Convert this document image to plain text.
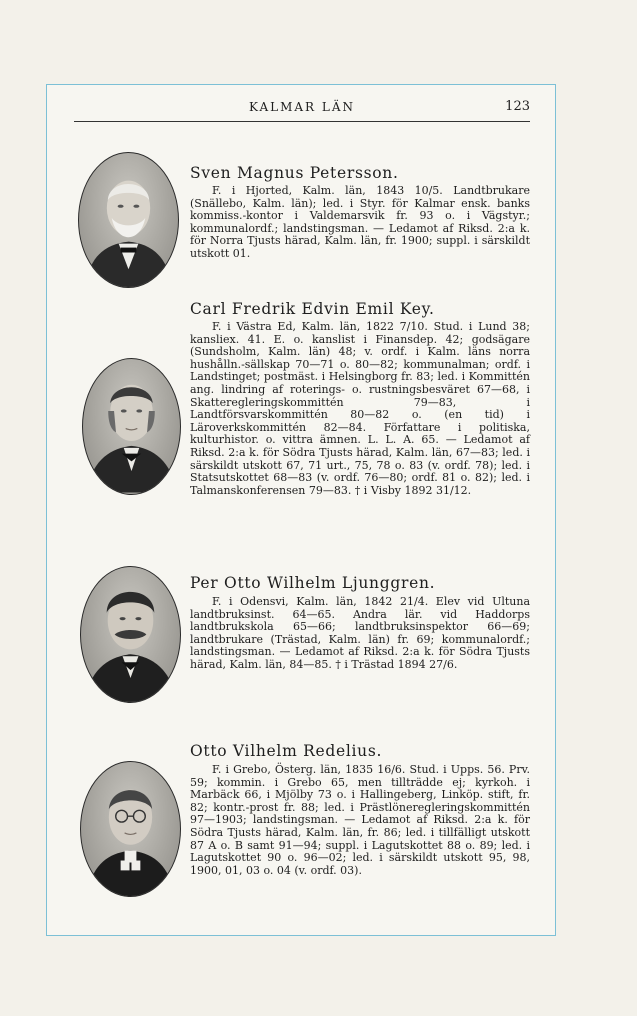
KALMAR LÄN	123
Sven Magnus Petersson.
F. i Hjorted, Kalm. län, 1843 10/5. Landtbrukare (Snällebo, Kalm. län); led. i Styr. för Kalmar ensk. banks kommiss.-kontor i Valdemarsvik fr. 93 o. i Vägstyr.; kommunalordf.; landstingsman. — Ledamot af Riksd. 2:a k. för Norra Tjusts härad, Kalm. län, fr. 1900; suppl. i särskildt utskott 01.
Carl Fredrik Edvin Emil Key.
F. i Västra Ed, Kalm. län, 1822 7/10. Stud. i Lund 38; kansliex. 41. E. o. kanslist i Finansdep. 42; godsägare (Sundsholm, Kalm. län) 48; v. ordf. i Kalm. läns norra hushålln.-sällskap 70—71 o. 80—82; kommunalman; ordf. i Landstinget; postmäst. i Helsingborg fr. 83; led. i Kommittén ang. lindring af roterings- o. rustningsbesväret 67—68, i Skatteregleringskommittén 79—83, i Landtförsvarskommittén 80—82 o. (en tid) i Läroverkskommittén 82—84. Författare i politiska, kulturhistor. o. vittra ämnen. L. L. A. 65. — Ledamot af Riksd. 2:a k. för Södra Tjusts härad, Kalm. län, 67—83; led. i särskildt utskott 67, 71 urt., 75, 78 o. 83 (v. ordf. 78); led. i Statsutskottet 68—83 (v. ordf. 76—80; ordf. 81 o. 82); led. i Talmanskonferensen 79—83. † i Visby 1892 31/12.
Per Otto Wilhelm Ljunggren.
F. i Odensvi, Kalm. län, 1842 21/4. Elev vid Ultuna landtbruksinst. 64—65. Andra lär. vid Haddorps landtbrukskola 65—66; landtbruksinspektor 66—69; landtbrukare (Trästad, Kalm. län) fr. 69; kommunalordf.; landstingsman. — Ledamot af Riksd. 2:a k. för Södra Tjusts härad, Kalm. län, 84—85. † i Trästad 1894 27/6.
Otto Vilhelm Redelius.
F. i Grebo, Österg. län, 1835 16/6. Stud. i Upps. 56. Prv. 59; kommin. i Grebo 65, men tillträdde ej; kyrkoh. i Marbäck 66, i Mjölby 73 o. i Hallingeberg, Linköp. stift, fr. 82; kontr.-prost fr. 88; led. i Prästlöneregleringskommittén 97—1903; landstingsman. — Ledamot af Riksd. 2:a k. för Södra Tjusts härad, Kalm. län, fr. 86; led. i tillfälligt utskott 87 A o. B samt 91—94; suppl. i Lagutskottet 88 o. 89; led. i Lagutskottet 90 o. 96—02; led. i särskildt utskott 95, 98, 1900, 01, 03 o. 04 (v. ordf. 03).
